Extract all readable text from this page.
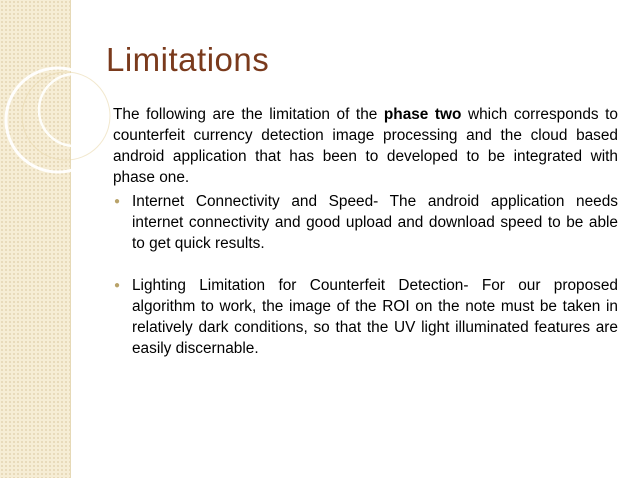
Limitations

The following are the limitation of the phase two which corresponds to counterfeit currency detection image processing and the cloud based android application that has been to developed to be integrated with phase one.

● Internet Connectivity and Speed- The android application needs internet connectivity and good upload and download speed to be able to get quick results.
● Lighting Limitation for Counterfeit Detection- For our proposed algorithm to work, the image of the ROI on the note must be taken in relatively dark conditions, so that the UV light illuminated features are easily discernable.
